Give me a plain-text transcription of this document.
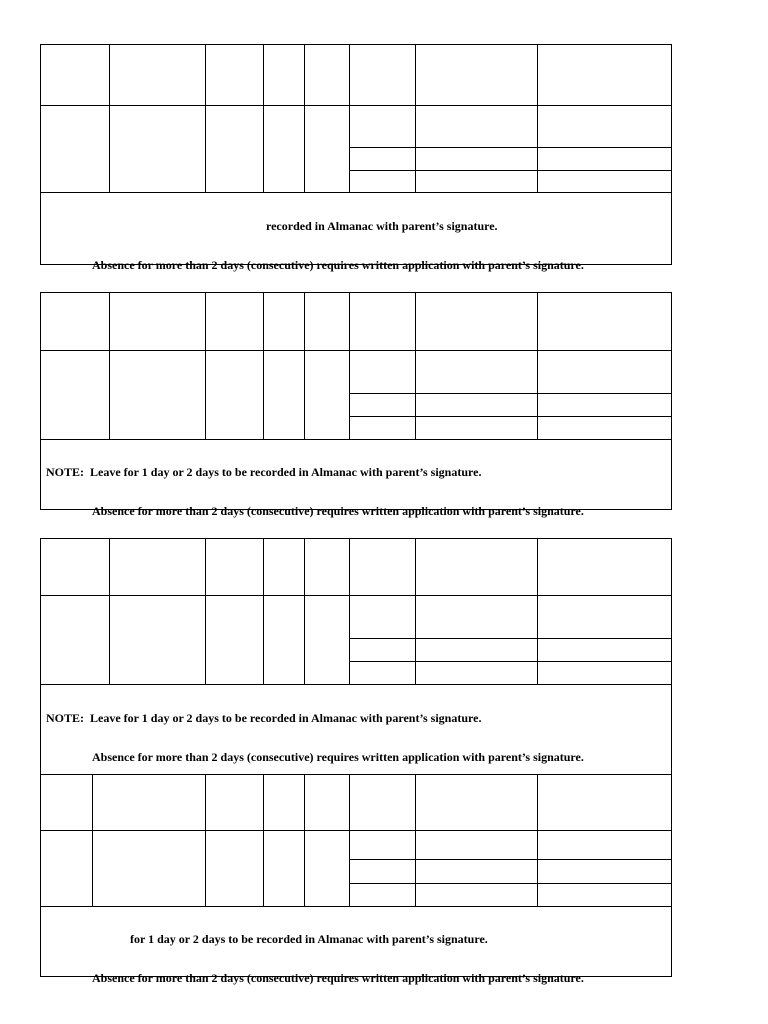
recorded in Almanac with parent’s signature.

Absence for more than 2 days (consecutive) requires written application with parent’s signature.

NOTE:  Leave for 1 day or 2 days to be recorded in Almanac with parent’s signature.

Absence for more than 2 days (consecutive) requires written application with parent’s signature.

NOTE:  Leave for 1 day or 2 days to be recorded in Almanac with parent’s signature.

Absence for more than 2 days (consecutive) requires written application with parent’s signature.

for 1 day or 2 days to be recorded in Almanac with parent’s signature.

Absence for more than 2 days (consecutive) requires written application with parent’s signature.
